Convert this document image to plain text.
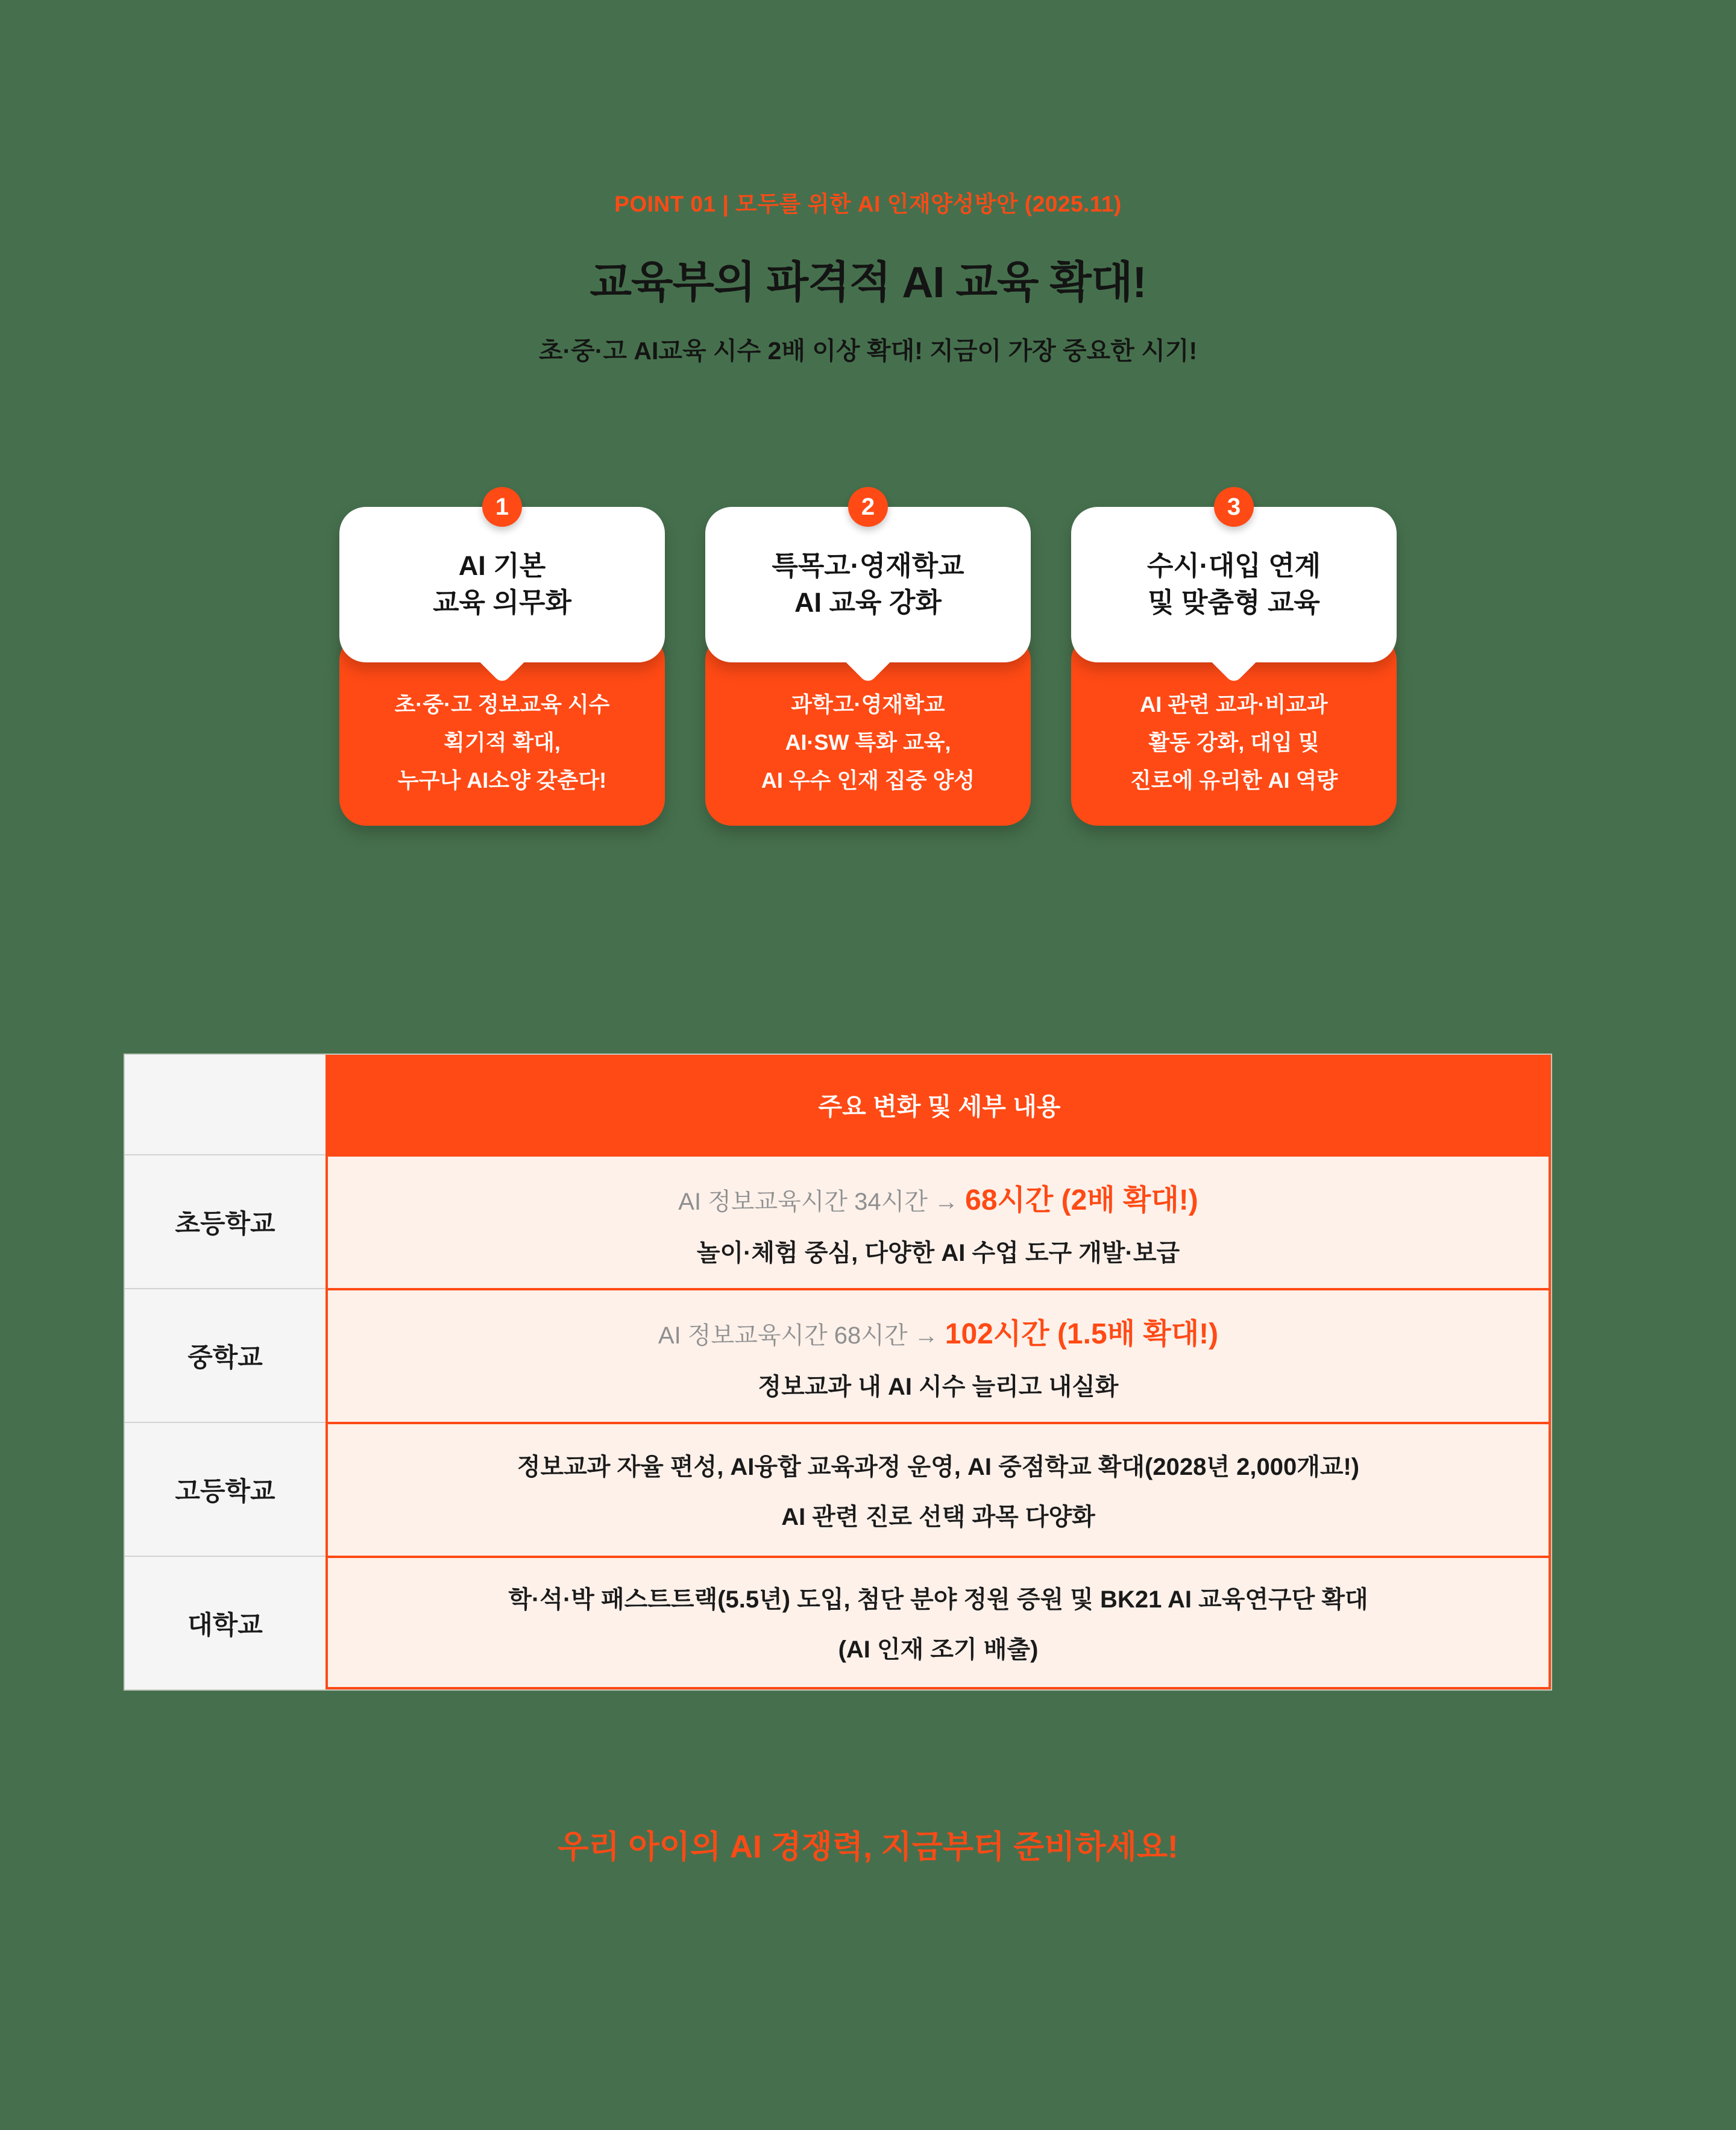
POINT 01 | 모두를 위한 AI 인재양성방안 (2025.11)
교육부의 파격적 AI 교육 확대!
초·중·고 AI교육 시수 2배 이상 확대! 지금이 가장 중요한 시기!
1
AI 기본
교육 의무화
초·중·고 정보교육 시수
획기적 확대,
누구나 AI소양 갖춘다!
2
특목고·영재학교
AI 교육 강화
과학고·영재학교
AI·SW 특화 교육,
AI 우수 인재 집중 양성
3
수시·대입 연계
및 맞춤형 교육
AI 관련 교과·비교과
활동 강화, 대입 및
진로에 유리한 AI 역량
주요 변화 및 세부 내용
초등학교
AI 정보교육시간 34시간 → 68시간 (2배 확대!)
놀이·체험 중심, 다양한 AI 수업 도구 개발·보급
중학교
AI 정보교육시간 68시간 → 102시간 (1.5배 확대!)
정보교과 내 AI 시수 늘리고 내실화
고등학교
정보교과 자율 편성, AI융합 교육과정 운영, AI 중점학교 확대(2028년 2,000개교!)
AI 관련 진로 선택 과목 다양화
대학교
학·석·박 패스트트랙(5.5년) 도입, 첨단 분야 정원 증원 및 BK21 AI 교육연구단 확대
(AI 인재 조기 배출)
우리 아이의 AI 경쟁력, 지금부터 준비하세요!
